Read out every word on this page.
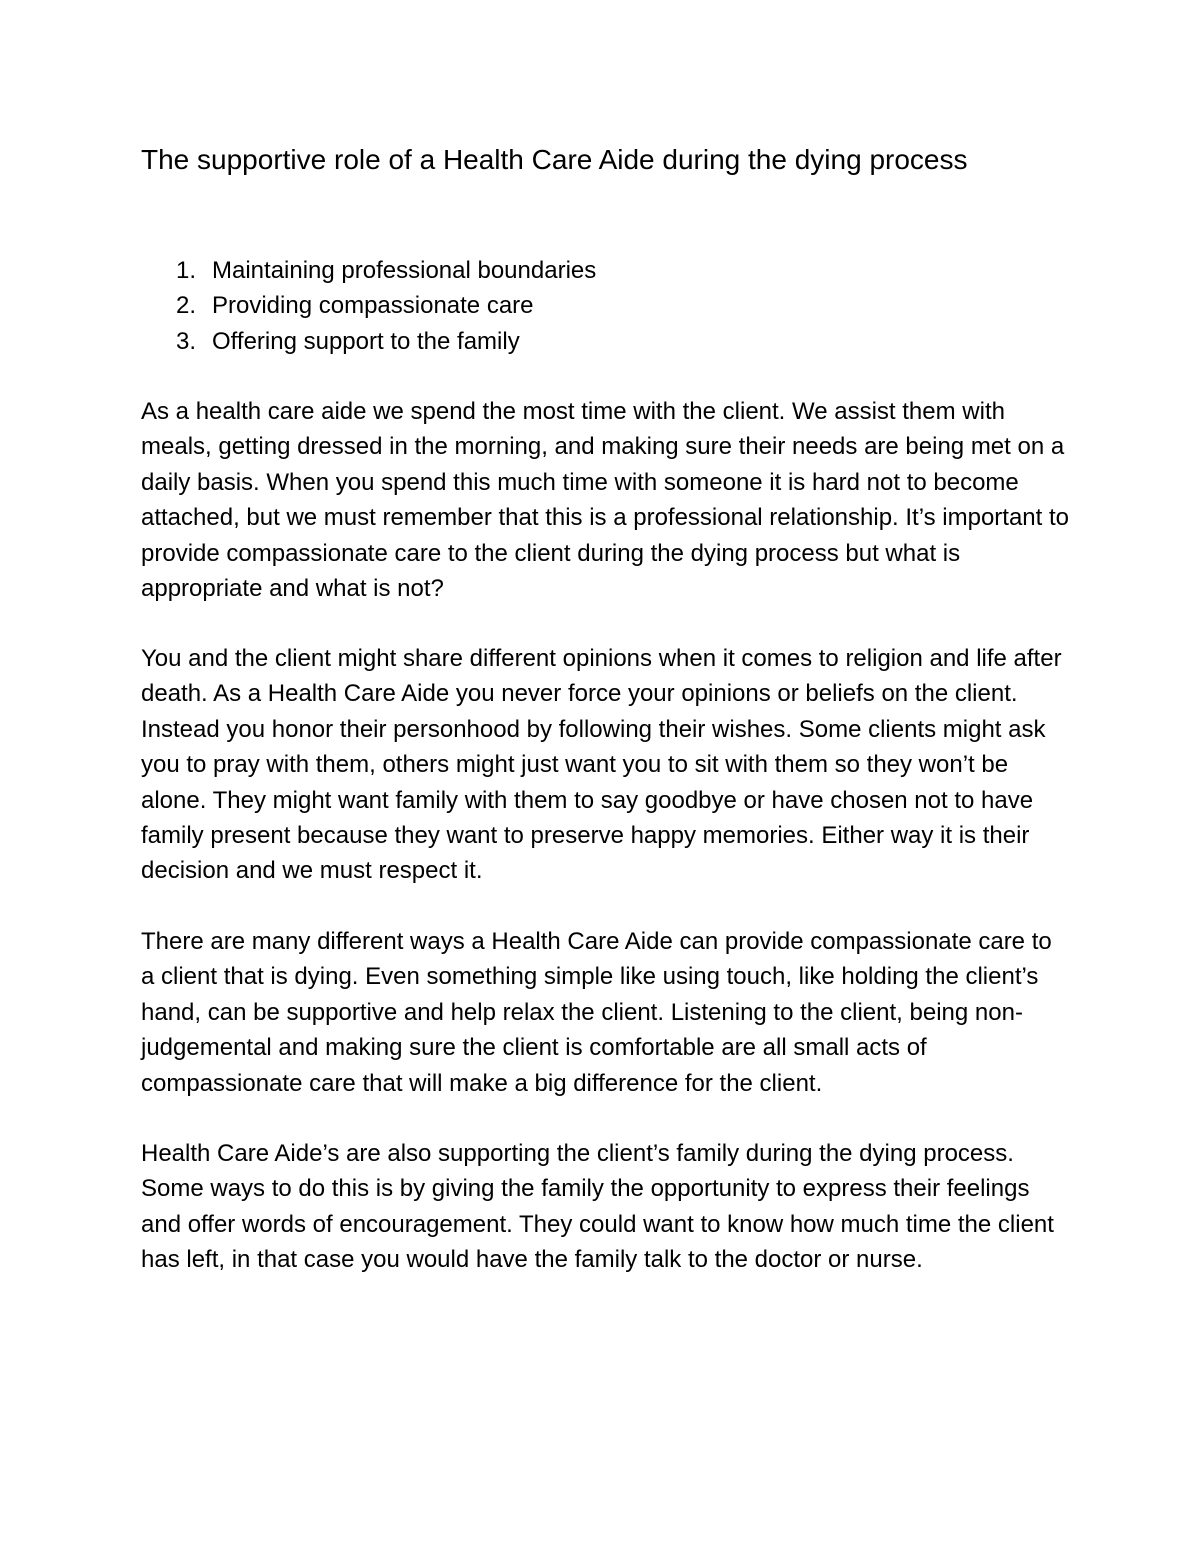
The supportive role of a Health Care Aide during the dying process
1. Maintaining professional boundaries
2. Providing compassionate care
3. Offering support to the family

As a health care aide we spend the most time with the client. We assist them with meals, getting dressed in the morning, and making sure their needs are being met on a daily basis. When you spend this much time with someone it is hard not to become attached, but we must remember that this is a professional relationship. It’s important to provide compassionate care to the client during the dying process but what is appropriate and what is not?

You and the client might share different opinions when it comes to religion and life after death. As a Health Care Aide you never force your opinions or beliefs on the client. Instead you honor their personhood by following their wishes. Some clients might ask you to pray with them, others might just want you to sit with them so they won’t be alone. They might want family with them to say goodbye or have chosen not to have family present because they want to preserve happy memories. Either way it is their decision and we must respect it.

There are many different ways a Health Care Aide can provide compassionate care to a client that is dying. Even something simple like using touch, like holding the client’s hand, can be supportive and help relax the client. Listening to the client, being non-judgemental and making sure the client is comfortable are all small acts of compassionate care that will make a big difference for the client.

Health Care Aide’s are also supporting the client’s family during the dying process. Some ways to do this is by giving the family the opportunity to express their feelings and offer words of encouragement. They could want to know how much time the client has left, in that case you would have the family talk to the doctor or nurse.
